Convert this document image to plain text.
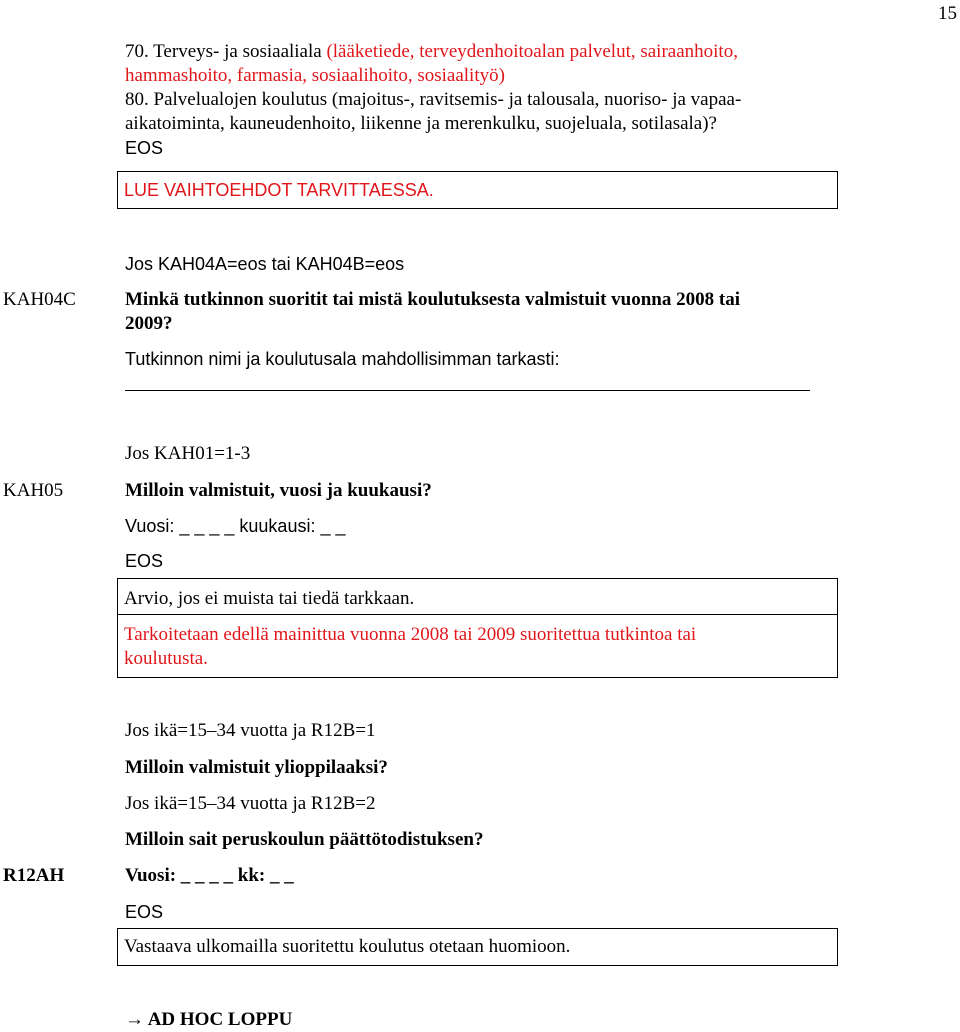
15
70. Terveys- ja sosiaaliala (lääketiede, terveydenhoitoalan palvelut, sairaanhoito,
hammashoito, farmasia, sosiaalihoito, sosiaalityö)
80. Palvelualojen koulutus (majoitus-, ravitsemis- ja talousala, nuoriso- ja vapaa-
aikatoiminta, kauneudenhoito, liikenne ja merenkulku, suojeluala, sotilasala)?
EOS
LUE VAIHTOEHDOT TARVITTAESSA.
Jos KAH04A=eos tai KAH04B=eos
KAH04C	Minkä tutkinnon suoritit tai mistä koulutuksesta valmistuit vuonna 2008 tai
2009?
Tutkinnon nimi ja koulutusala mahdollisimman tarkasti:
Jos KAH01=1-3
KAH05	Milloin valmistuit, vuosi ja kuukausi?
Vuosi: _ _ _ _ kuukausi: _ _
EOS
Arvio, jos ei muista tai tiedä tarkkaan.
Tarkoitetaan edellä mainittua vuonna 2008 tai 2009 suoritettua tutkintoa tai
koulutusta.
Jos ikä=15–34 vuotta ja R12B=1
Milloin valmistuit ylioppilaaksi?
Jos ikä=15–34 vuotta ja R12B=2
Milloin sait peruskoulun päättötodistuksen?
R12AH	Vuosi: _ _ _ _ kk: _ _
EOS
Vastaava ulkomailla suoritettu koulutus otetaan huomioon.
→ AD HOC LOPPU
